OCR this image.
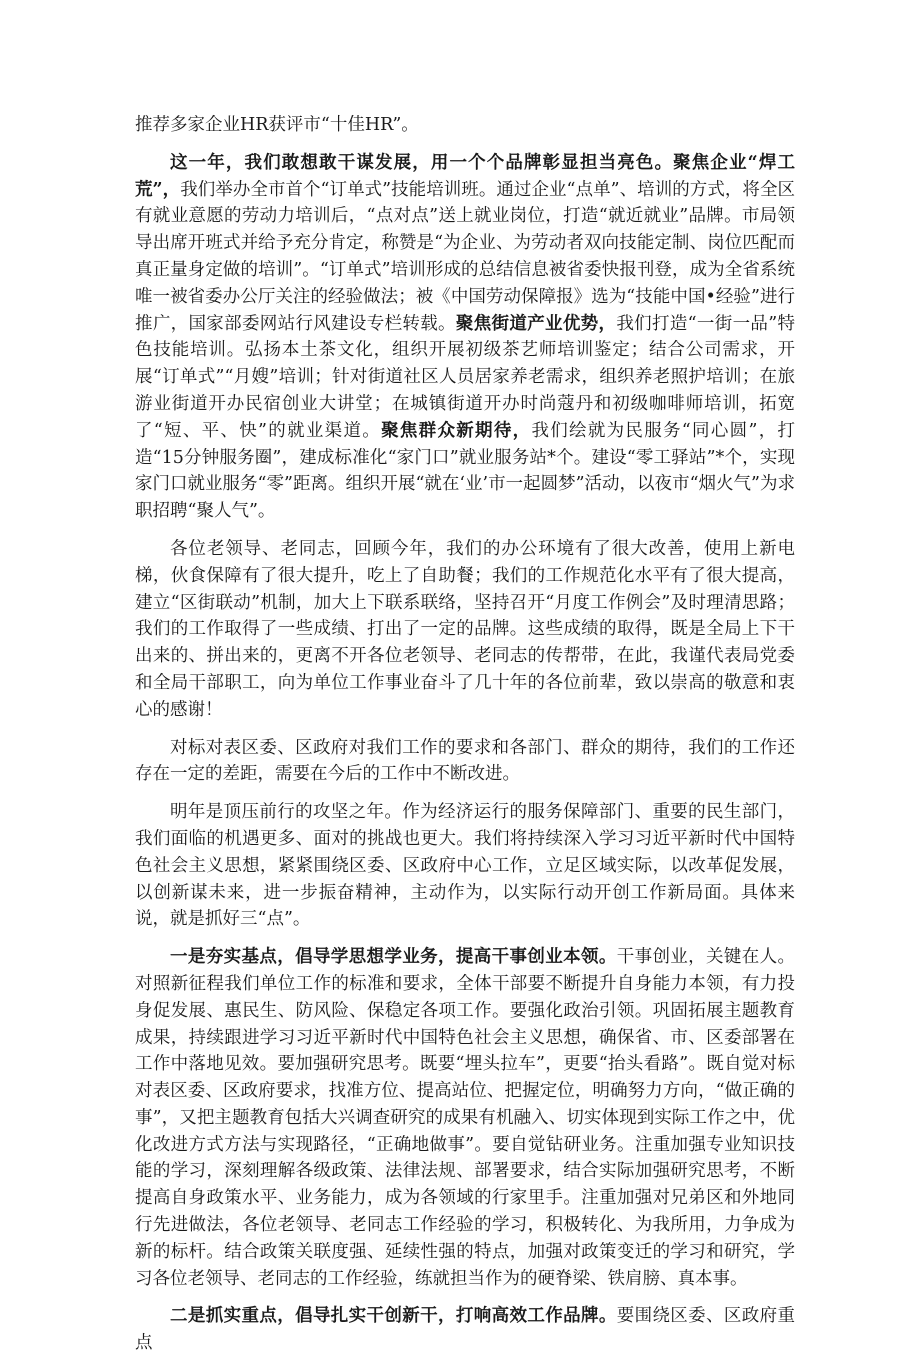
推荐多家企业HR获评市“十佳HR”。

这一年，我们敢想敢干谋发展，用一个个品牌彰显担当亮色。聚焦企业“焊工荒”，我们举办全市首个“订单式”技能培训班。通过企业“点单”、培训的方式，将全区有就业意愿的劳动力培训后，“点对点”送上就业岗位，打造“就近就业”品牌。市局领导出席开班式并给予充分肯定，称赞是“为企业、为劳动者双向技能定制、岗位匹配而真正量身定做的培训”。“订单式”培训形成的总结信息被省委快报刊登，成为全省系统唯一被省委办公厅关注的经验做法；被《中国劳动保障报》选为“技能中国•经验”进行推广，国家部委网站行风建设专栏转载。聚焦街道产业优势，我们打造“一街一品”特色技能培训。弘扬本土茶文化，组织开展初级茶艺师培训鉴定；结合公司需求，开展“订单式”“月嫂”培训；针对街道社区人员居家养老需求，组织养老照护培训；在旅游业街道开办民宿创业大讲堂；在城镇街道开办时尚蔻丹和初级咖啡师培训，拓宽了“短、平、快”的就业渠道。聚焦群众新期待，我们绘就为民服务“同心圆”，打造“15分钟服务圈”，建成标准化“家门口”就业服务站*个。建设“零工驿站”*个，实现家门口就业服务“零”距离。组织开展“就在‘业’市一起圆梦”活动，以夜市“烟火气”为求职招聘“聚人气”。

各位老领导、老同志，回顾今年，我们的办公环境有了很大改善，使用上新电梯，伙食保障有了很大提升，吃上了自助餐；我们的工作规范化水平有了很大提高，建立“区街联动”机制，加大上下联系联络，坚持召开“月度工作例会”及时理清思路；我们的工作取得了一些成绩、打出了一定的品牌。这些成绩的取得，既是全局上下干出来的、拼出来的，更离不开各位老领导、老同志的传帮带，在此，我谨代表局党委和全局干部职工，向为单位工作事业奋斗了几十年的各位前辈，致以崇高的敬意和衷心的感谢！

对标对表区委、区政府对我们工作的要求和各部门、群众的期待，我们的工作还存在一定的差距，需要在今后的工作中不断改进。

明年是顶压前行的攻坚之年。作为经济运行的服务保障部门、重要的民生部门，我们面临的机遇更多、面对的挑战也更大。我们将持续深入学习习近平新时代中国特色社会主义思想，紧紧围绕区委、区政府中心工作，立足区域实际，以改革促发展，以创新谋未来，进一步振奋精神，主动作为，以实际行动开创工作新局面。具体来说，就是抓好三“点”。

一是夯实基点，倡导学思想学业务，提高干事创业本领。干事创业，关键在人。对照新征程我们单位工作的标准和要求，全体干部要不断提升自身能力本领，有力投身促发展、惠民生、防风险、保稳定各项工作。要强化政治引领。巩固拓展主题教育成果，持续跟进学习习近平新时代中国特色社会主义思想，确保省、市、区委部署在工作中落地见效。要加强研究思考。既要“埋头拉车”，更要“抬头看路”。既自觉对标对表区委、区政府要求，找准方位、提高站位、把握定位，明确努力方向，“做正确的事”，又把主题教育包括大兴调查研究的成果有机融入、切实体现到实际工作之中，优化改进方式方法与实现路径，“正确地做事”。要自觉钻研业务。注重加强专业知识技能的学习，深刻理解各级政策、法律法规、部署要求，结合实际加强研究思考，不断提高自身政策水平、业务能力，成为各领域的行家里手。注重加强对兄弟区和外地同行先进做法，各位老领导、老同志工作经验的学习，积极转化、为我所用，力争成为新的标杆。结合政策关联度强、延续性强的特点，加强对政策变迁的学习和研究，学习各位老领导、老同志的工作经验，练就担当作为的硬脊梁、铁肩膀、真本事。

二是抓实重点，倡导扎实干创新干，打响高效工作品牌。要围绕区委、区政府重点
